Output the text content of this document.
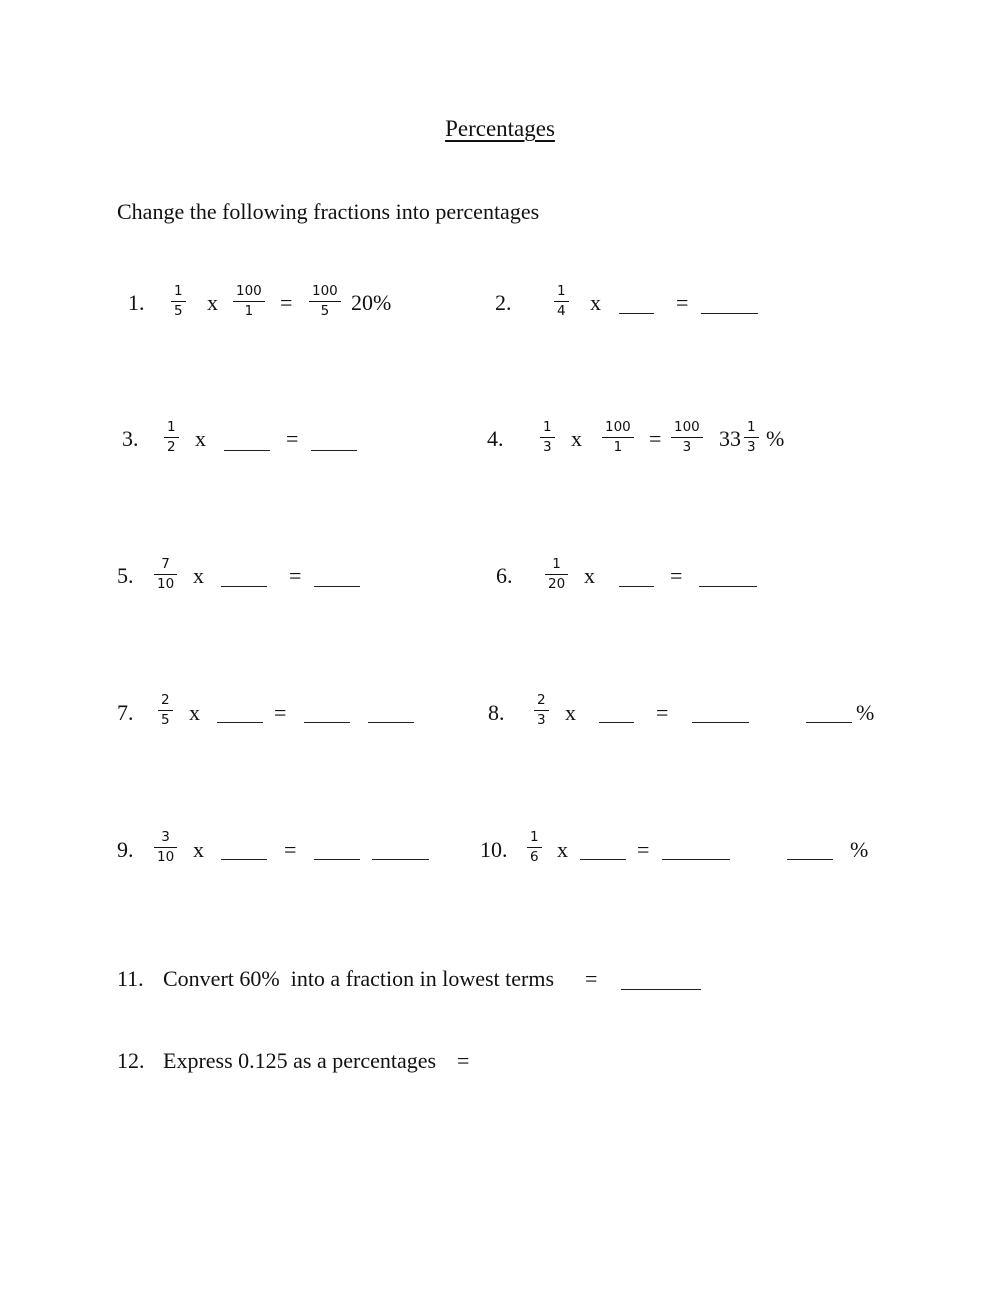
Percentages
Change the following fractions into percentages
1. $\frac{1}{5}$ x $\frac{100}{1} = \frac{100}{5} 20\%$	2.	$\frac{1}{4}$ x	=
3. $\frac{1}{2}$ x	=	4.	$\frac{1}{3}$ x $\frac{100}{1} = \frac{100}{3} 33 \frac{1}{3}$ %
5. $\frac{7}{10}$ x	=	6. $\frac{1}{20}$ x	=
7. $\frac{2}{5}$ x	=	8. $\frac{2}{3}$ x	=	%
9. $\frac{3}{10}$ x	=	10. $\frac{1}{6}$ x	=	%
11. Convert 60%  into a fraction in lowest terms =
12. Express 0.125 as a percentages =
